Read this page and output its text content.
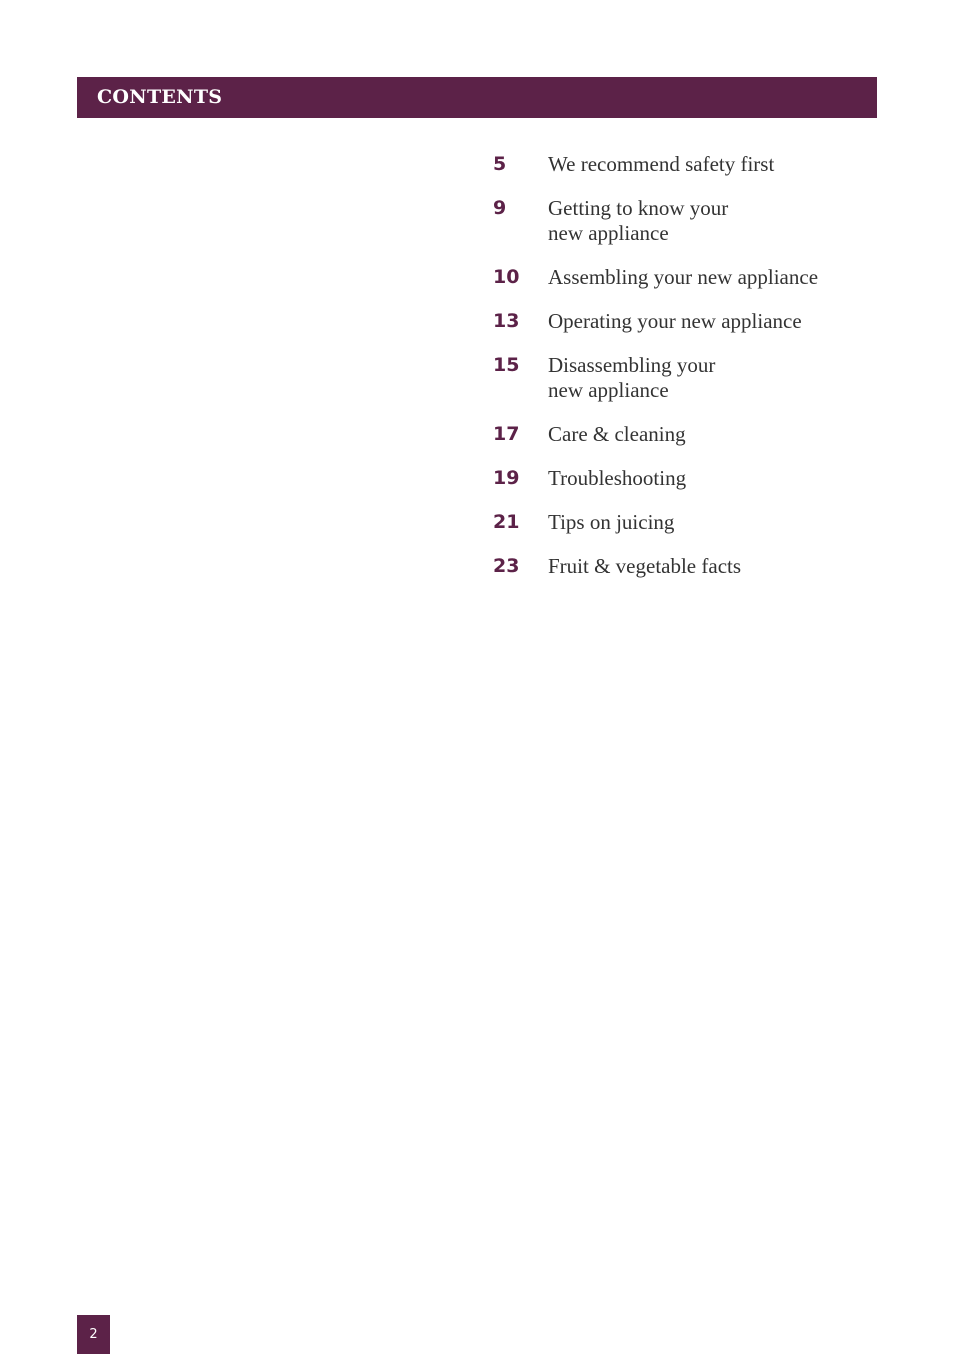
CONTENTS
5	We recommend safety first
9	Getting to know your
new appliance
10	Assembling your new appliance
13	Operating your new appliance
15	Disassembling your
new appliance
17	Care & cleaning
19	Troubleshooting
21	Tips on juicing
23	Fruit & vegetable facts
2
